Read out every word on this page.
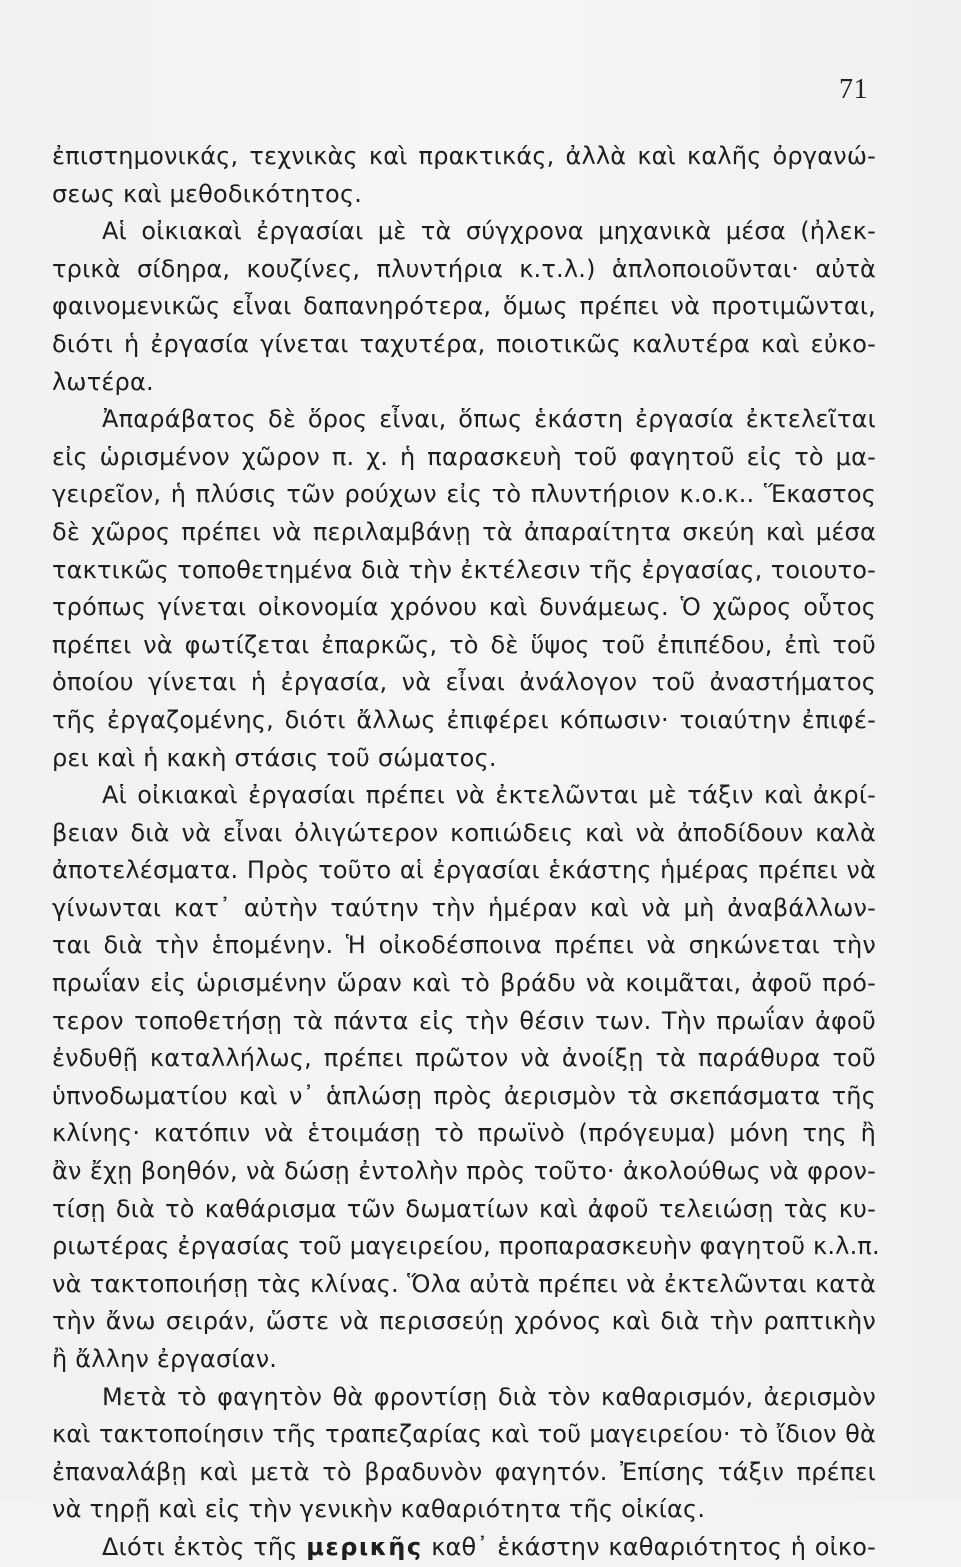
71
ἐπιστημονικάς, τεχνικὰς καὶ πρακτικάς, ἀλλὰ καὶ καλῆς ὀργανώ-
σεως καὶ μεθοδικότητος.
Αἱ οἰκιακαὶ ἐργασίαι μὲ τὰ σύγχρονα μηχανικὰ μέσα (ἠλεκ-
τρικὰ σίδηρα, κουζίνες, πλυντήρια κ.τ.λ.) ἁπλοποιοῦνται· αὐτὰ
φαινομενικῶς εἶναι δαπανηρότερα, ὅμως πρέπει νὰ προτιμῶνται,
διότι ἡ ἐργασία γίνεται ταχυτέρα, ποιοτικῶς καλυτέρα καὶ εὐκο-
λωτέρα.
Ἀπαράβατος δὲ ὅρος εἶναι, ὅπως ἑκάστη ἐργασία ἐκτελεῖται
εἰς ὡρισμένον χῶρον π. χ. ἡ παρασκευὴ τοῦ φαγητοῦ εἰς τὸ μα-
γειρεῖον, ἡ πλύσις τῶν ρούχων εἰς τὸ πλυντήριον κ.ο.κ.. Ἕκαστος
δὲ χῶρος πρέπει νὰ περιλαμβάνῃ τὰ ἀπαραίτητα σκεύη καὶ μέσα
τακτικῶς τοποθετημένα διὰ τὴν ἐκτέλεσιν τῆς ἐργασίας, τοιουτο-
τρόπως γίνεται οἰκονομία χρόνου καὶ δυνάμεως. Ὁ χῶρος οὗτος
πρέπει νὰ φωτίζεται ἐπαρκῶς, τὸ δὲ ὕψος τοῦ ἐπιπέδου, ἐπὶ τοῦ
ὁποίου γίνεται ἡ ἐργασία, νὰ εἶναι ἀνάλογον τοῦ ἀναστήματος
τῆς ἐργαζομένης, διότι ἄλλως ἐπιφέρει κόπωσιν· τοιαύτην ἐπιφέ-
ρει καὶ ἡ κακὴ στάσις τοῦ σώματος.
Αἱ οἰκιακαὶ ἐργασίαι πρέπει νὰ ἐκτελῶνται μὲ τάξιν καὶ ἀκρί-
βειαν διὰ νὰ εἶναι ὀλιγώτερον κοπιώδεις καὶ νὰ ἀποδίδουν καλὰ
ἀποτελέσματα. Πρὸς τοῦτο αἱ ἐργασίαι ἑκάστης ἡμέρας πρέπει νὰ
γίνωνται κατ᾽ αὐτὴν ταύτην τὴν ἡμέραν καὶ νὰ μὴ ἀναβάλλων-
ται διὰ τὴν ἑπομένην. Ἡ οἰκοδέσποινα πρέπει νὰ σηκώνεται τὴν
πρωΐαν εἰς ὡρισμένην ὥραν καὶ τὸ βράδυ νὰ κοιμᾶται, ἀφοῦ πρό-
τερον τοποθετήσῃ τὰ πάντα εἰς τὴν θέσιν των. Τὴν πρωΐαν ἀφοῦ
ἐνδυθῇ καταλλήλως, πρέπει πρῶτον νὰ ἀνοίξῃ τὰ παράθυρα τοῦ
ὑπνοδωματίου καὶ ν᾽ ἁπλώσῃ πρὸς ἀερισμὸν τὰ σκεπάσματα τῆς
κλίνης· κατόπιν νὰ ἑτοιμάσῃ τὸ πρωϊνὸ (πρόγευμα) μόνη της ἢ
ἂν ἔχῃ βοηθόν, νὰ δώσῃ ἐντολὴν πρὸς τοῦτο· ἀκολούθως νὰ φρον-
τίσῃ διὰ τὸ καθάρισμα τῶν δωματίων καὶ ἀφοῦ τελειώσῃ τὰς κυ-
ριωτέρας ἐργασίας τοῦ μαγειρείου, προπαρασκευὴν φαγητοῦ κ.λ.π.
νὰ τακτοποιήσῃ τὰς κλίνας. Ὅλα αὐτὰ πρέπει νὰ ἐκτελῶνται κατὰ
τὴν ἄνω σειράν, ὥστε νὰ περισσεύῃ χρόνος καὶ διὰ τὴν ραπτικὴν
ἢ ἄλλην ἐργασίαν.
Μετὰ τὸ φαγητὸν θὰ φροντίσῃ διὰ τὸν καθαρισμόν, ἀερισμὸν
καὶ τακτοποίησιν τῆς τραπεζαρίας καὶ τοῦ μαγειρείου· τὸ ἴδιον θὰ
ἐπαναλάβῃ καὶ μετὰ τὸ βραδυνὸν φαγητόν. Ἐπίσης τάξιν πρέπει
νὰ τηρῇ καὶ εἰς τὴν γενικὴν καθαριότητα τῆς οἰκίας.
Διότι ἐκτὸς τῆς μερικῆς καθ᾽ ἑκάστην καθαριότητος ἡ οἰκο-
